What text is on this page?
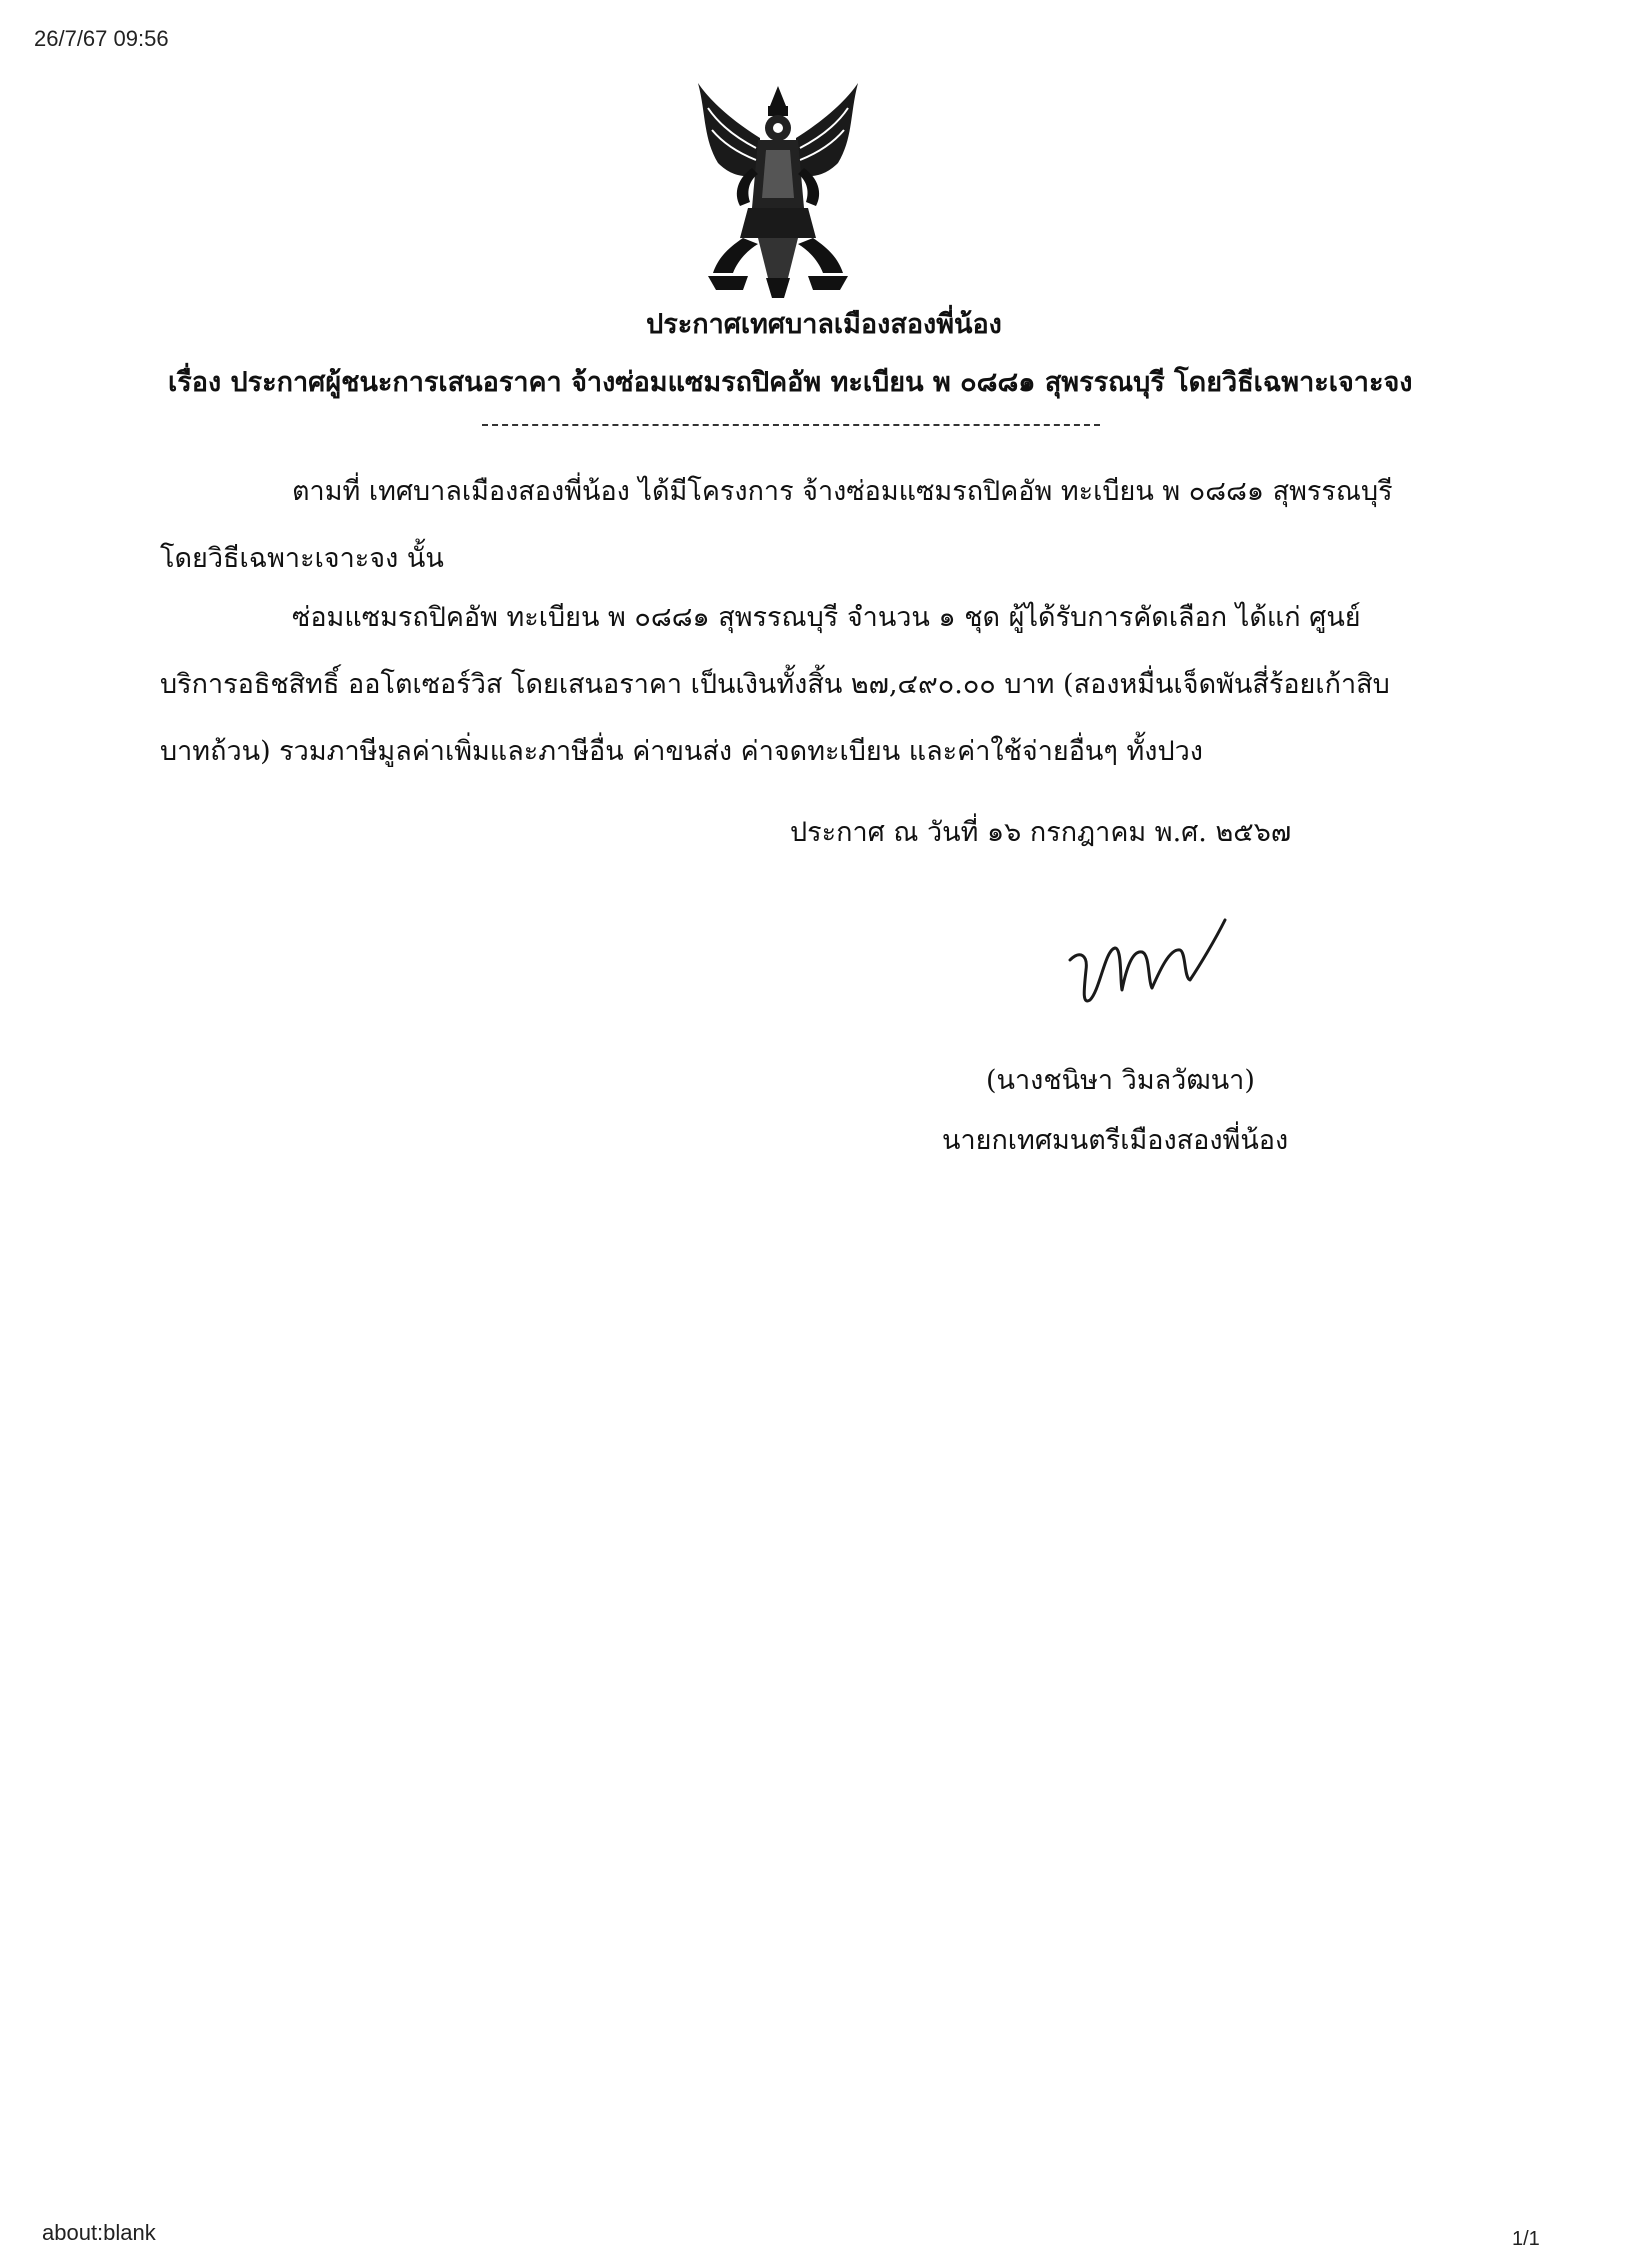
26/7/67 09:56
ประกาศเทศบาลเมืองสองพี่น้อง
เรื่อง ประกาศผู้ชนะการเสนอราคา จ้างซ่อมแซมรถปิคอัพ ทะเบียน พ ๐๘๘๑ สุพรรณบุรี โดยวิธีเฉพาะเจาะจง

ตามที่ เทศบาลเมืองสองพี่น้อง ได้มีโครงการ จ้างซ่อมแซมรถปิคอัพ ทะเบียน พ ๐๘๘๑ สุพรรณบุรี โดยวิธีเฉพาะเจาะจง นั้น

ซ่อมแซมรถปิคอัพ ทะเบียน พ ๐๘๘๑ สุพรรณบุรี จำนวน ๑ ชุด ผู้ได้รับการคัดเลือก ได้แก่ ศูนย์บริการอธิชสิทธิ์ ออโตเซอร์วิส โดยเสนอราคา เป็นเงินทั้งสิ้น ๒๗,๔๙๐.๐๐ บาท (สองหมื่นเจ็ดพันสี่ร้อยเก้าสิบบาทถ้วน) รวมภาษีมูลค่าเพิ่มและภาษีอื่น ค่าขนส่ง ค่าจดทะเบียน และค่าใช้จ่ายอื่นๆ ทั้งปวง

ประกาศ ณ วันที่ ๑๖ กรกฎาคม พ.ศ. ๒๕๖๗
(นางชนิษา วิมลวัฒนา)
นายกเทศมนตรีเมืองสองพี่น้อง
about:blank	1/1
